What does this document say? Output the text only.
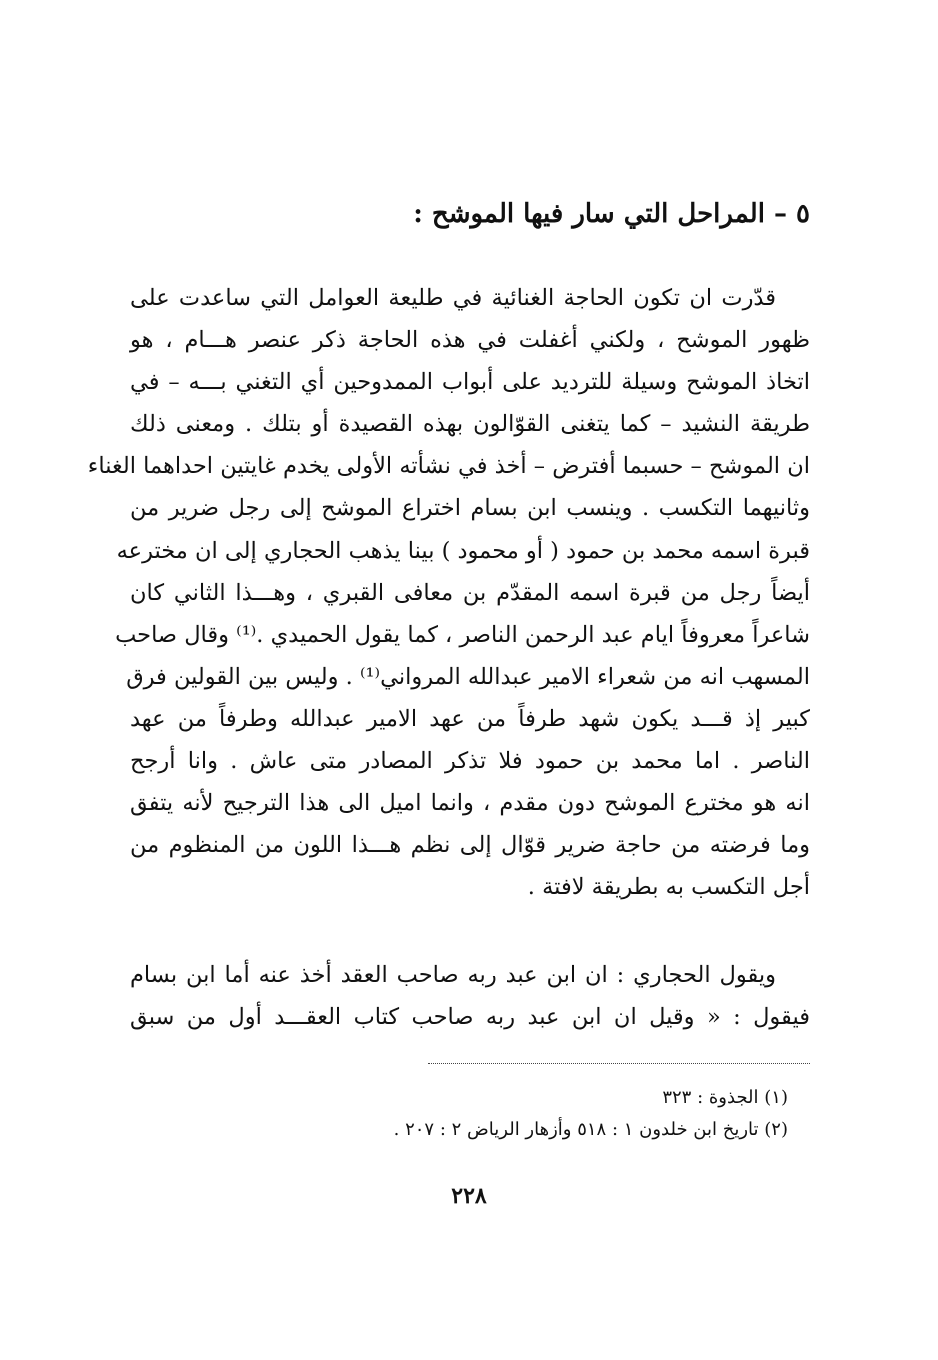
٥ – المراحل التي سار فيها الموشح :
قدّرت ان تكون الحاجة الغنائية في طليعة العوامل التي ساعدت على
ظهور الموشح ، ولكني أغفلت في هذه الحاجة ذكر عنصر هـــام ، هو
اتخاذ الموشح وسيلة للترديد على أبواب الممدوحين أي التغني بـــه – في
طريقة النشيد – كما يتغنى القوّالون بهذه القصيدة أو بتلك . ومعنى ذلك
ان الموشح – حسبما أفترض – أخذ في نشأته الأولى يخدم غايتين احداهما الغناء
وثانيهما التكسب . وينسب ابن بسام اختراع الموشح إلى رجل ضرير من
قبرة اسمه محمد بن حمود ( أو محمود ) بينا يذهب الحجاري إلى ان مخترعه
أيضاً رجل من قبرة اسمه المقدّم بن معافى القبري ، وهـــذا الثاني كان
شاعراً معروفاً ايام عبد الرحمن الناصر ، كما يقول الحميدي .⁽¹⁾ وقال صاحب
المسهب انه من شعراء الامير عبدالله المرواني⁽¹⁾ . وليس بين القولين فرق
كبير إذ قـــد يكون شهد طرفاً من عهد الامير عبدالله وطرفاً من عهد
الناصر . اما محمد بن حمود فلا تذكر المصادر متى عاش . وانا أرجح
انه هو مخترع الموشح دون مقدم ، وانما اميل الى هذا الترجيح لأنه يتفق
وما فرضته من حاجة ضرير قوّال إلى نظم هـــذا اللون من المنظوم من
أجل التكسب به بطريقة لافتة .
ويقول الحجاري : ان ابن عبد ربه صاحب العقد أخذ عنه أما ابن بسام
فيقول : « وقيل ان ابن عبد ربه صاحب كتاب العقـــد أول من سبق
(١) الجذوة : ٣٢٣
(٢) تاريخ ابن خلدون ١ : ٥١٨ وأزهار الرياض ٢ : ٢٠٧ .
٢٢٨
